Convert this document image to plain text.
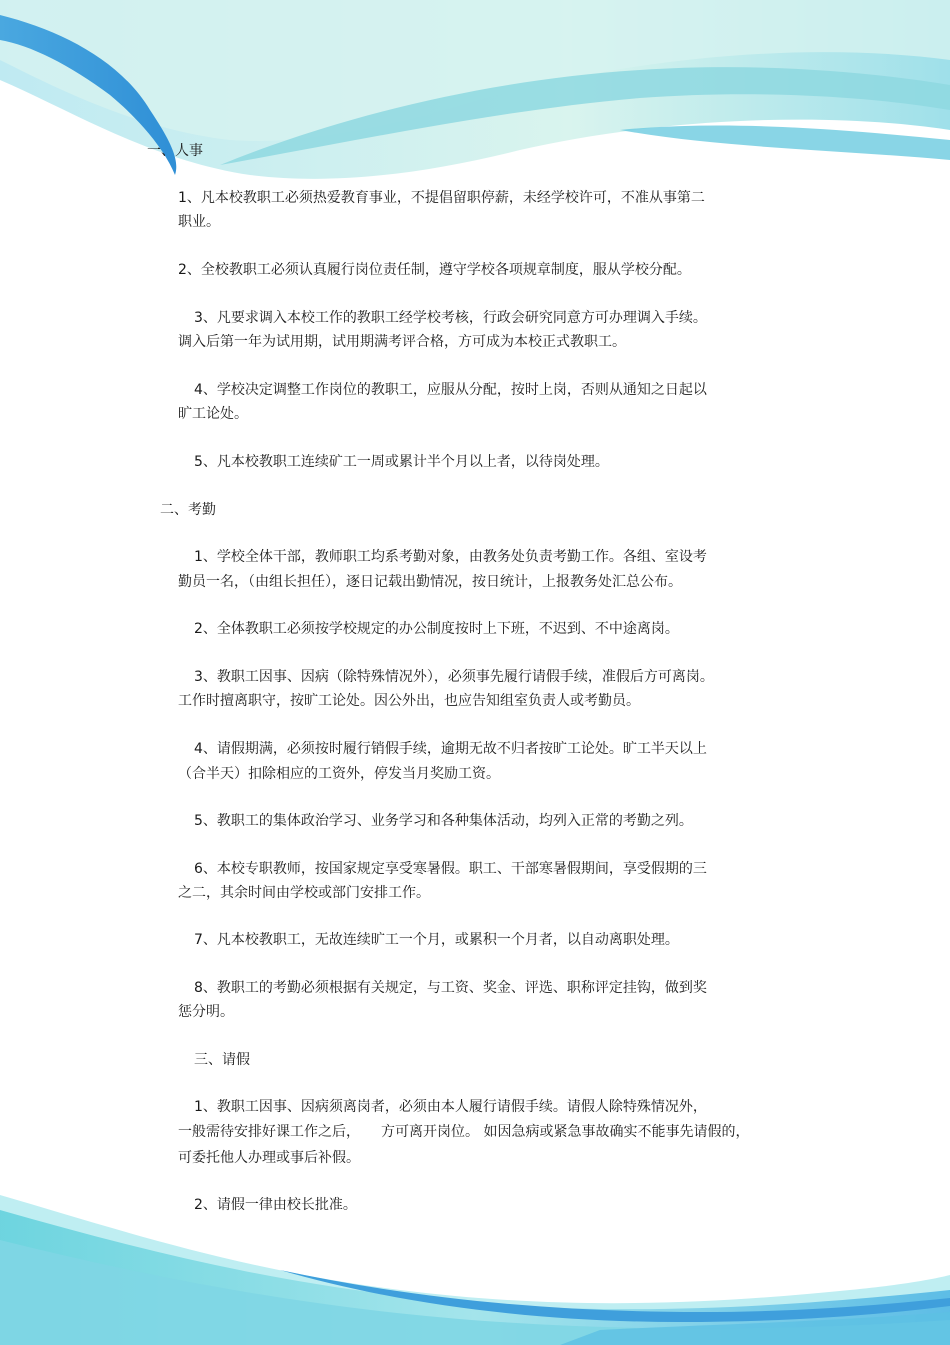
一、人事
1、凡本校教职工必须热爱教育事业，不提倡留职停薪，未经学校许可，不准从事第二
职业。
2、全校教职工必须认真履行岗位责任制，遵守学校各项规章制度，服从学校分配。
3、凡要求调入本校工作的教职工经学校考核，行政会研究同意方可办理调入手续。
调入后第一年为试用期，试用期满考评合格，方可成为本校正式教职工。
4、学校决定调整工作岗位的教职工，应服从分配，按时上岗，否则从通知之日起以
旷工论处。
5、凡本校教职工连续矿工一周或累计半个月以上者，以待岗处理。
二、考勤
1、学校全体干部，教师职工均系考勤对象，由教务处负责考勤工作。各组、室设考
勤员一名，（由组长担任），逐日记载出勤情况，按日统计，上报教务处汇总公布。
2、全体教职工必须按学校规定的办公制度按时上下班，不迟到、不中途离岗。
3、教职工因事、因病（除特殊情况外），必须事先履行请假手续，准假后方可离岗。
工作时擅离职守，按旷工论处。因公外出，也应告知组室负责人或考勤员。
4、请假期满，必须按时履行销假手续，逾期无故不归者按旷工论处。旷工半天以上
（合半天）扣除相应的工资外，停发当月奖励工资。
5、教职工的集体政治学习、业务学习和各种集体活动，均列入正常的考勤之列。
6、本校专职教师，按国家规定享受寒暑假。职工、干部寒暑假期间，享受假期的三
之二，其余时间由学校或部门安排工作。
7、凡本校教职工，无故连续旷工一个月，或累积一个月者，以自动离职处理。
8、教职工的考勤必须根据有关规定，与工资、奖金、评选、职称评定挂钩，做到奖
惩分明。
三、请假
1、教职工因事、因病须离岗者，必须由本人履行请假手续。请假人除特殊情况外，
一般需待安排好课工作之后，　　方可离开岗位。 如因急病或紧急事故确实不能事先请假的，
可委托他人办理或事后补假。
2、请假一律由校长批准。
